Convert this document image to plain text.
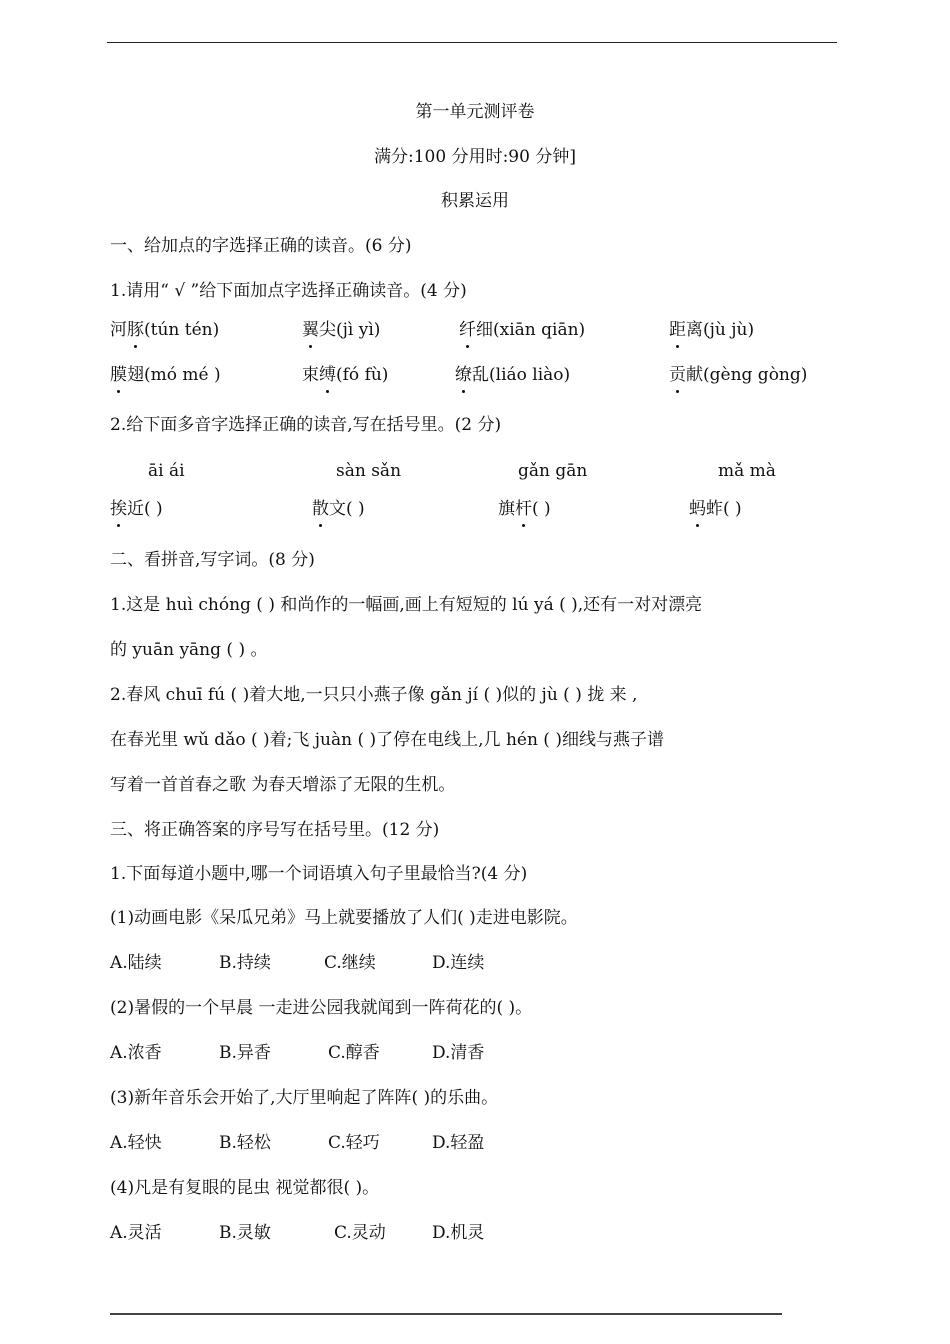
第一单元测评卷
满分:100 分用时:90 分钟]
积累运用
一、给加点的字选择正确的读音。(6 分)
1.请用“ √ ”给下面加点字选择正确读音。(4 分)
河豚(tún tén)	翼尖(jì yì)	纤细(xiān qiān)	距离(jù jù)
膜翅(mó mé )	束缚(fó fù)	缭乱(liáo liào)	贡献(gèng gòng)
2.给下面多音字选择正确的读音,写在括号里。(2 分)
āi ái	sàn sǎn	gǎn gān	mǎ mà
挨近( )	散文( )	旗杆( )	蚂蚱( )
二、看拼音,写字词。(8 分)
1.这是 huì chóng ( ) 和尚作的一幅画,画上有短短的 lú yá ( ),还有一对对漂亮
的 yuān yāng ( ) 。
2.春风 chuī fú ( )着大地,一只只小燕子像 gǎn jí ( )似的 jù ( ) 拢 来 ,
在春光里 wǔ dǎo ( )着;飞 juàn ( )了停在电线上,几 hén ( )细线与燕子谱
写着一首首春之歌 为春天增添了无限的生机。
三、将正确答案的序号写在括号里。(12 分)
1.下面每道小题中,哪一个词语填入句子里最恰当?(4 分)
(1)动画电影《呆瓜兄弟》马上就要播放了人们( )走进电影院。
A.陆续	B.持续	C.继续	D.连续
(2)暑假的一个早晨 一走进公园我就闻到一阵荷花的( )。
A.浓香	B.异香	C.醇香	D.清香
(3)新年音乐会开始了,大厅里响起了阵阵( )的乐曲。
A.轻快	B.轻松	C.轻巧	D.轻盈
(4)凡是有复眼的昆虫 视觉都很( )。
A.灵活	B.灵敏	C.灵动	D.机灵
